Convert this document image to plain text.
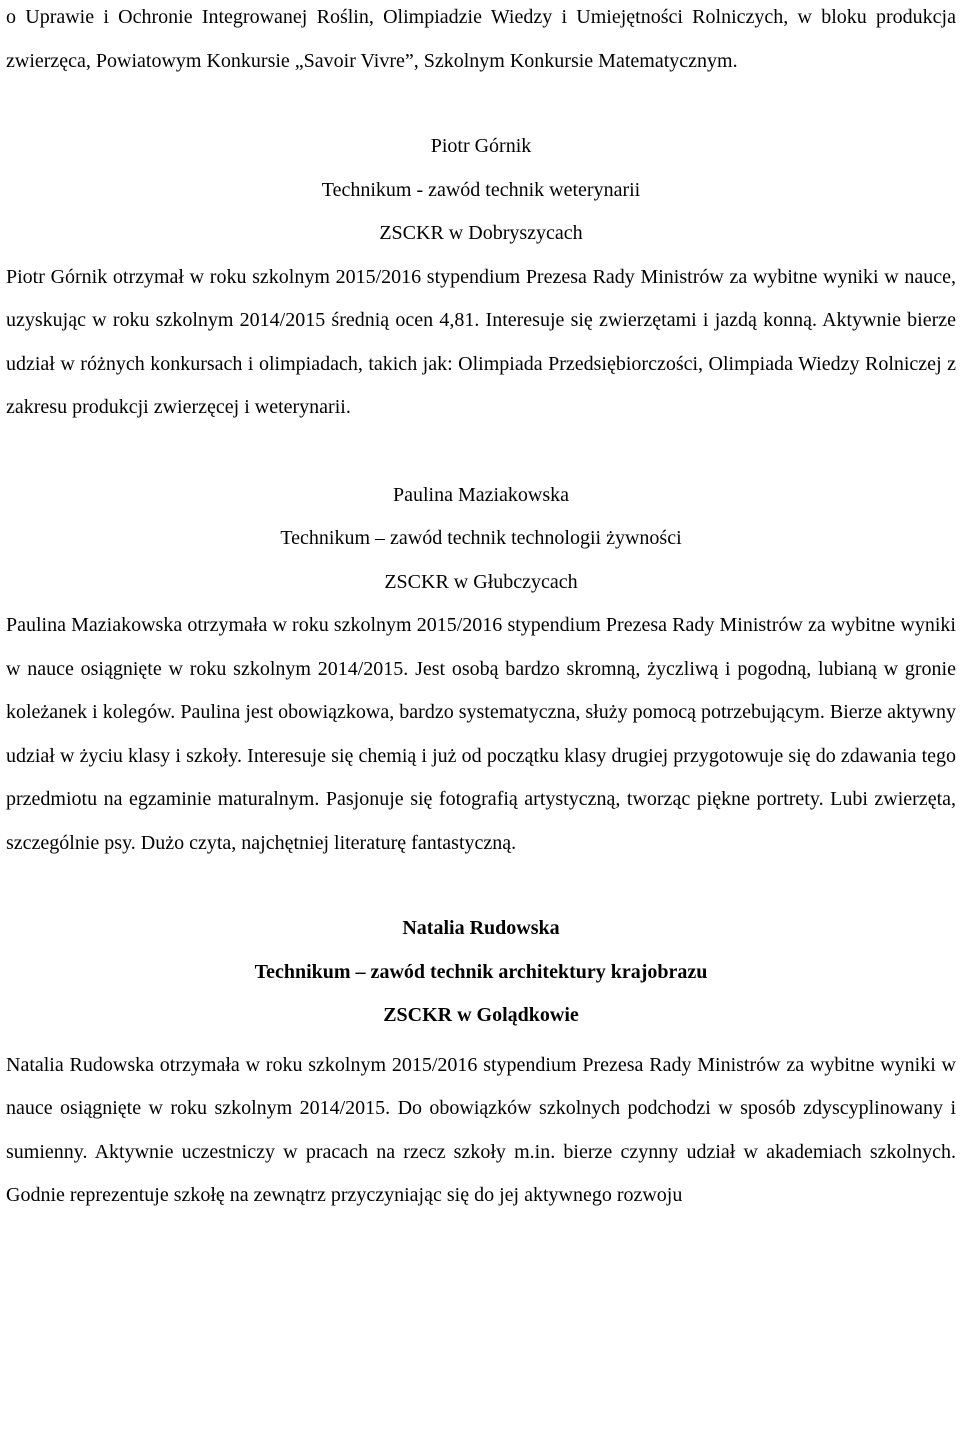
o Uprawie i Ochronie Integrowanej Roślin, Olimpiadzie Wiedzy i Umiejętności Rolniczych, w bloku produkcja zwierzęca, Powiatowym Konkursie „Savoir Vivre”, Szkolnym Konkursie Matematycznym.

Piotr Górnik

Technikum - zawód technik weterynarii

ZSCKR w Dobryszycach

Piotr Górnik otrzymał w roku szkolnym 2015/2016 stypendium Prezesa Rady Ministrów za wybitne wyniki w nauce, uzyskując w roku szkolnym 2014/2015 średnią ocen 4,81. Interesuje się zwierzętami i jazdą konną. Aktywnie bierze udział w różnych konkursach i olimpiadach, takich jak: Olimpiada Przedsiębiorczości, Olimpiada Wiedzy Rolniczej z zakresu produkcji zwierzęcej i weterynarii.

Paulina Maziakowska

Technikum – zawód technik technologii żywności

ZSCKR w Głubczycach

Paulina Maziakowska otrzymała w roku szkolnym 2015/2016 stypendium Prezesa Rady Ministrów za wybitne wyniki w nauce osiągnięte w roku szkolnym 2014/2015. Jest osobą bardzo skromną, życzliwą i pogodną, lubianą w gronie koleżanek i kolegów. Paulina jest obowiązkowa, bardzo systematyczna, służy pomocą potrzebującym. Bierze aktywny udział w życiu klasy i szkoły. Interesuje się chemią i już od początku klasy drugiej przygotowuje się do zdawania tego przedmiotu na egzaminie maturalnym. Pasjonuje się fotografią artystyczną, tworząc piękne portrety. Lubi zwierzęta, szczególnie psy. Dużo czyta, najchętniej literaturę fantastyczną.

Natalia Rudowska

Technikum – zawód technik architektury krajobrazu

ZSCKR w Golądkowie

Natalia Rudowska otrzymała w roku szkolnym 2015/2016 stypendium Prezesa Rady Ministrów za wybitne wyniki w nauce osiągnięte w roku szkolnym 2014/2015. Do obowiązków szkolnych podchodzi w sposób zdyscyplinowany i sumienny. Aktywnie uczestniczy w pracach na rzecz szkoły m.in. bierze czynny udział w akademiach szkolnych. Godnie reprezentuje szkołę na zewnątrz przyczyniając się do jej aktywnego rozwoju
